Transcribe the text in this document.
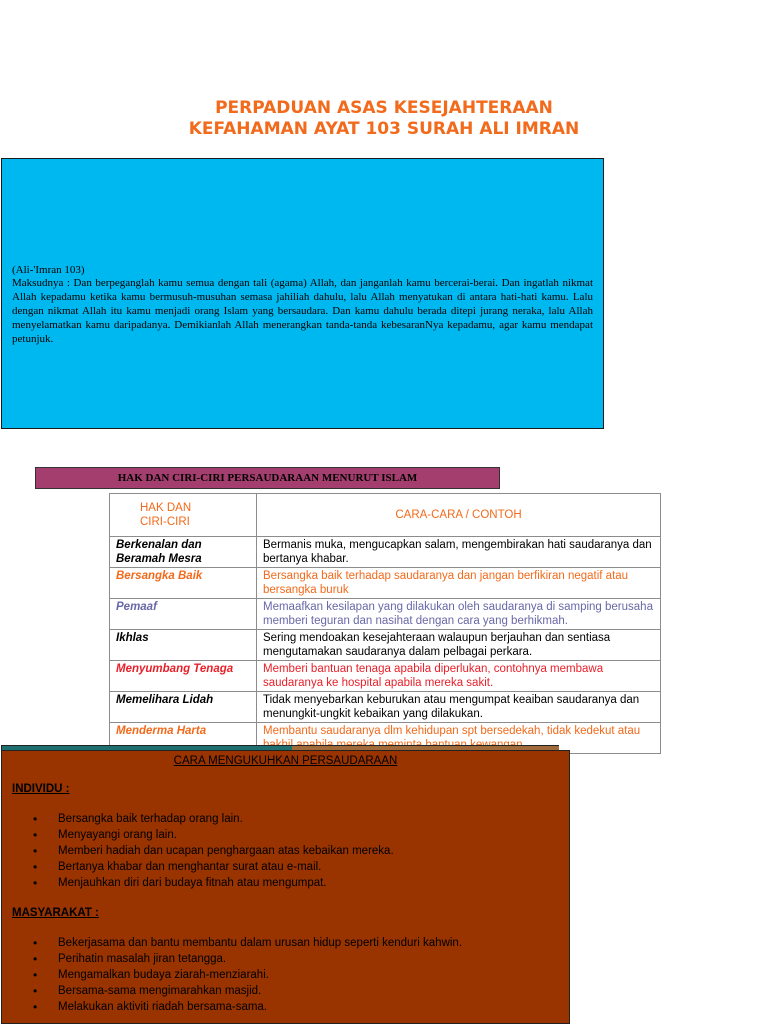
PERPADUAN ASAS KESEJAHTERAAN
KEFAHAMAN AYAT 103 SURAH ALI IMRAN
(Ali-'Imran 103)
Maksudnya : Dan berpeganglah kamu semua dengan tali (agama) Allah, dan janganlah kamu bercerai-berai. Dan ingatlah nikmat Allah kepadamu ketika kamu bermusuh-musuhan semasa jahiliah dahulu, lalu Allah menyatukan di antara hati-hati kamu. Lalu dengan nikmat Allah itu kamu menjadi orang Islam yang bersaudara. Dan kamu dahulu berada ditepi jurang neraka, lalu Allah menyelamatkan kamu daripadanya. Demikianlah Allah menerangkan tanda-tanda kebesaranNya kepadamu, agar kamu mendapat petunjuk.
HAK DAN CIRI-CIRI PERSAUDARAAN MENURUT ISLAM
HAK DAN
CIRI-CIRI	CARA-CARA / CONTOH
Berkenalan dan Beramah Mesra	Bermanis muka, mengucapkan salam, mengembirakan hati saudaranya dan bertanya khabar.
Bersangka Baik	Bersangka baik terhadap saudaranya dan jangan berfikiran negatif atau bersangka buruk
Pemaaf	Memaafkan kesilapan yang dilakukan oleh saudaranya di samping berusaha memberi teguran dan nasihat dengan cara yang berhikmah.
Ikhlas	Sering mendoakan kesejahteraan walaupun berjauhan dan sentiasa mengutamakan saudaranya dalam pelbagai perkara.
Menyumbang Tenaga	Memberi bantuan tenaga apabila diperlukan, contohnya membawa saudaranya ke hospital apabila mereka sakit.
Memelihara Lidah	Tidak menyebarkan keburukan atau mengumpat keaiban saudaranya dan menungkit-ungkit kebaikan yang dilakukan.
Menderma Harta	Membantu saudaranya dlm kehidupan spt bersedekah, tidak kedekut atau
CARA MENGUKUHKAN PERSAUDARAAN
INDIVIDU :
• Bersangka baik terhadap orang lain.
• Menyayangi orang lain.
• Memberi hadiah dan ucapan penghargaan atas kebaikan mereka.
• Bertanya khabar dan menghantar surat atau e-mail.
• Menjauhkan diri dari budaya fitnah atau mengumpat.
MASYARAKAT :
• Bekerjasama dan bantu membantu dalam urusan hidup seperti kenduri kahwin.
• Perihatin masalah jiran tetangga.
• Mengamalkan budaya ziarah-menziarahi.
• Bersama-sama mengimarahkan masjid.
• Melakukan aktiviti riadah bersama-sama.
